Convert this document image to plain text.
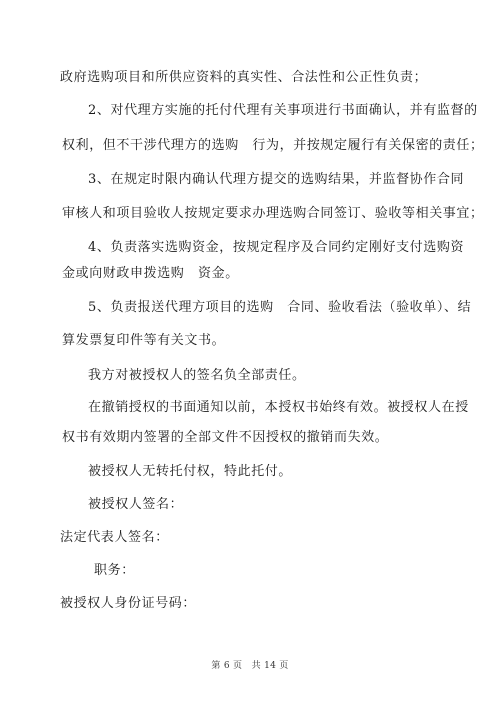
政府选购项目和所供应资料的真实性、合法性和公正性负责；
2、对代理方实施的托付代理有关事项进行书面确认，并有监督的
权利，但不干涉代理方的选购　行为，并按规定履行有关保密的责任；
3、在规定时限内确认代理方提交的选购结果，并监督协作合同
审核人和项目验收人按规定要求办理选购合同签订、验收等相关事宜；
4、负责落实选购资金，按规定程序及合同约定刚好支付选购资
金或向财政申拨选购　资金。
5、负责报送代理方项目的选购　合同、验收看法（验收单）、结
算发票复印件等有关文书。
我方对被授权人的签名负全部责任。
在撤销授权的书面通知以前，本授权书始终有效。被授权人在授
权书有效期内签署的全部文件不因授权的撤销而失效。
被授权人无转托付权，特此托付。
被授权人签名：
法定代表人签名：
职务：
被授权人身份证号码：
第 6 页　共 14 页
